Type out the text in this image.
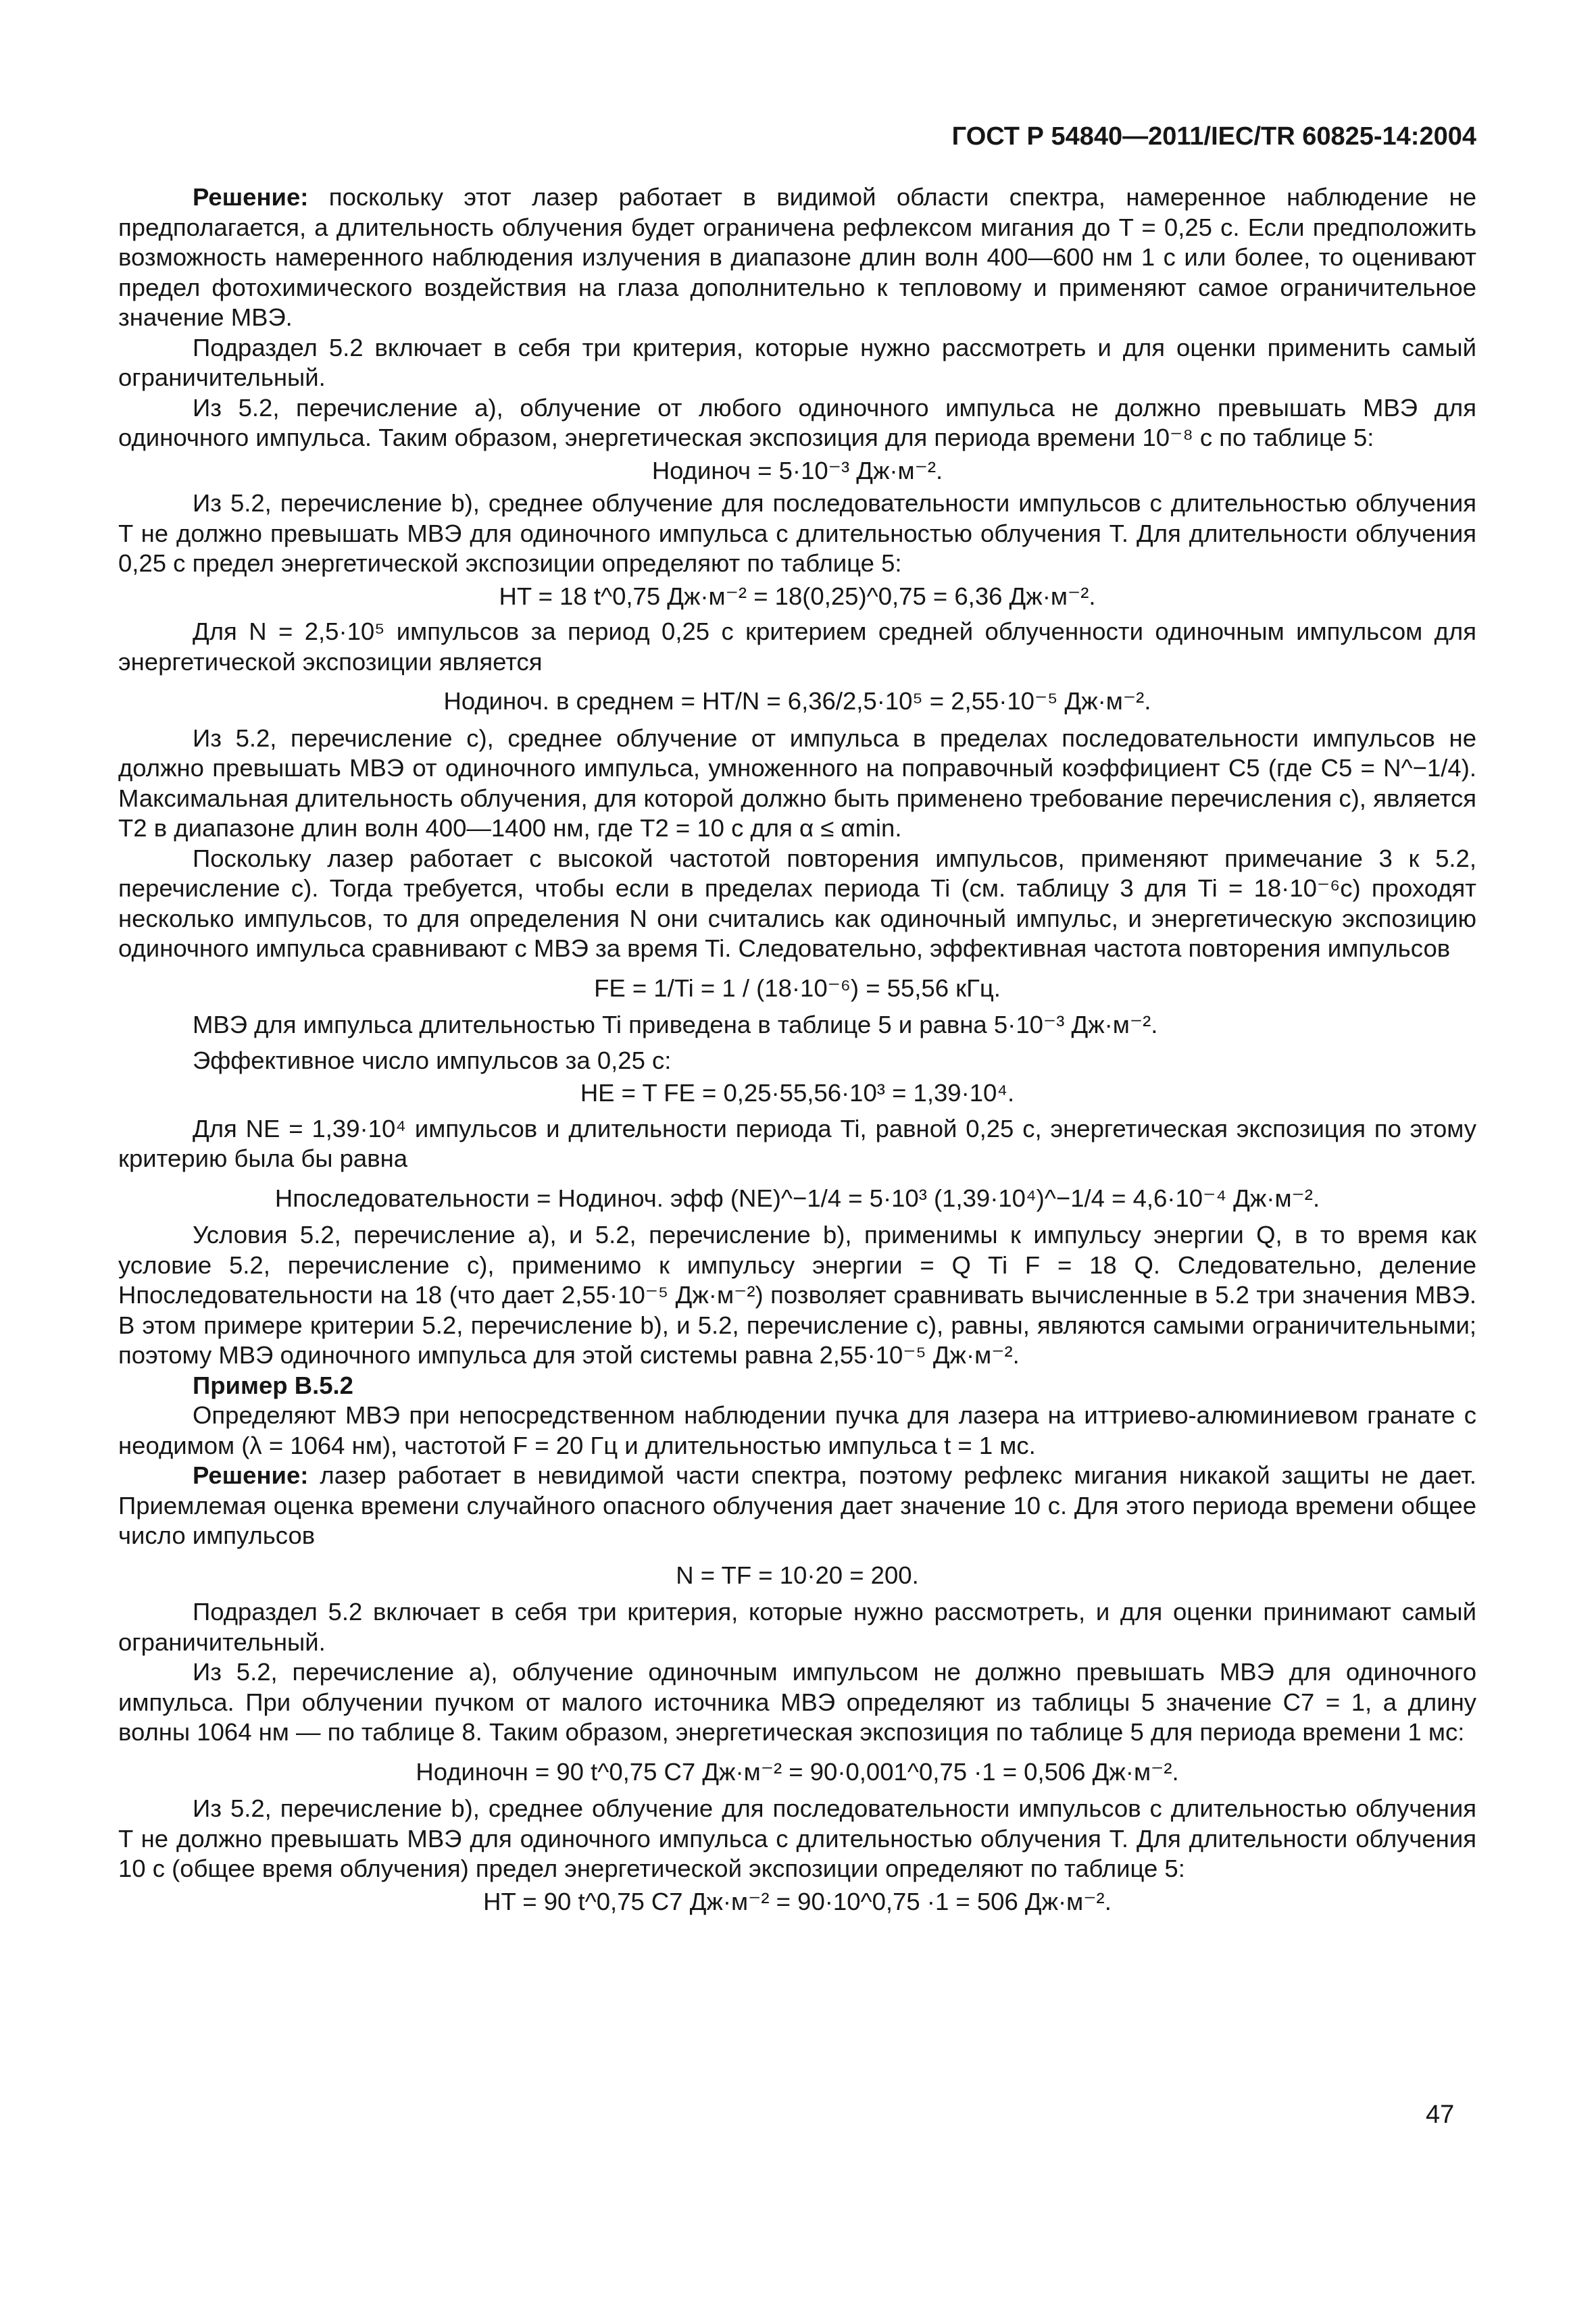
ГОСТ Р 54840—2011/IEC/TR 60825-14:2004

Решение: поскольку этот лазер работает в видимой области спектра, намеренное наблюдение не предполагается, а длительность облучения будет ограничена рефлексом мигания до T = 0,25 с. Если предположить возможность намеренного наблюдения излучения в диапазоне длин волн 400—600 нм 1 с или более, то оценивают предел фотохимического воздействия на глаза дополнительно к тепловому и применяют самое ограничительное значение МВЭ.

Подраздел 5.2 включает в себя три критерия, которые нужно рассмотреть и для оценки применить самый ограничительный.

Из 5.2, перечисление a), облучение от любого одиночного импульса не должно превышать МВЭ для одиночного импульса. Таким образом, энергетическая экспозиция для периода времени 10⁻⁸ с по таблице 5:

Hодиноч = 5·10⁻³ Дж·м⁻².

Из 5.2, перечисление b), среднее облучение для последовательности импульсов с длительностью облучения T не должно превышать МВЭ для одиночного импульса с длительностью облучения T. Для длительности облучения 0,25 с предел энергетической экспозиции определяют по таблице 5:

HT = 18 t^0,75 Дж·м⁻² = 18(0,25)^0,75 = 6,36 Дж·м⁻².

Для N = 2,5·10⁵ импульсов за период 0,25 с критерием средней облученности одиночным импульсом для энергетической экспозиции является

Hодиноч. в среднем = HT/N = 6,36/2,5·10⁵ = 2,55·10⁻⁵ Дж·м⁻².

Из 5.2, перечисление c), среднее облучение от импульса в пределах последовательности импульсов не должно превышать МВЭ от одиночного импульса, умноженного на поправочный коэффициент C5 (где C5 = N^−1/4). Максимальная длительность облучения, для которой должно быть применено требование перечисления c), является T2 в диапазоне длин волн 400—1400 нм, где T2 = 10 с для α ≤ αmin.

Поскольку лазер работает с высокой частотой повторения импульсов, применяют примечание 3 к 5.2, перечисление c). Тогда требуется, чтобы если в пределах периода Ti (см. таблицу 3 для Ti = 18·10⁻⁶с) проходят несколько импульсов, то для определения N они считались как одиночный импульс, и энергетическую экспозицию одиночного импульса сравнивают с МВЭ за время Ti. Следовательно, эффективная частота повторения импульсов

FE = 1/Ti = 1 / (18·10⁻⁶) = 55,56 кГц.

МВЭ для импульса длительностью Ti приведена в таблице 5 и равна 5·10⁻³ Дж·м⁻².

Эффективное число импульсов за 0,25 с:

HE = T FE = 0,25·55,56·10³ = 1,39·10⁴.

Для NE = 1,39·10⁴ импульсов и длительности периода Ti, равной 0,25 с, энергетическая экспозиция по этому критерию была бы равна

Hпоследовательности = Hодиноч. эфф (NE)^−1/4 = 5·10³ (1,39·10⁴)^−1/4 = 4,6·10⁻⁴ Дж·м⁻².

Условия 5.2, перечисление a), и 5.2, перечисление b), применимы к импульсу энергии Q, в то время как условие 5.2, перечисление c), применимо к импульсу энергии = Q Ti F = 18 Q. Следовательно, деление Hпоследовательности на 18 (что дает 2,55·10⁻⁵ Дж·м⁻²) позволяет сравнивать вычисленные в 5.2 три значения МВЭ. В этом примере критерии 5.2, перечисление b), и 5.2, перечисление c), равны, являются самыми ограничительными; поэтому МВЭ одиночного импульса для этой системы равна 2,55·10⁻⁵ Дж·м⁻².

Пример В.5.2

Определяют МВЭ при непосредственном наблюдении пучка для лазера на иттриево-алюминиевом гранате с неодимом (λ = 1064 нм), частотой F = 20 Гц и длительностью импульса t = 1 мс.

Решение: лазер работает в невидимой части спектра, поэтому рефлекс мигания никакой защиты не дает. Приемлемая оценка времени случайного опасного облучения дает значение 10 с. Для этого периода времени общее число импульсов

N = TF = 10·20 = 200.

Подраздел 5.2 включает в себя три критерия, которые нужно рассмотреть, и для оценки принимают самый ограничительный.

Из 5.2, перечисление a), облучение одиночным импульсом не должно превышать МВЭ для одиночного импульса. При облучении пучком от малого источника МВЭ определяют из таблицы 5 значение C7 = 1, а длину волны 1064 нм — по таблице 8. Таким образом, энергетическая экспозиция по таблице 5 для периода времени 1 мс:

Hодиночн = 90 t^0,75 C7 Дж·м⁻² = 90·0,001^0,75 ·1 = 0,506 Дж·м⁻².

Из 5.2, перечисление b), среднее облучение для последовательности импульсов с длительностью облучения T не должно превышать МВЭ для одиночного импульса с длительностью облучения T. Для длительности облучения 10 с (общее время облучения) предел энергетической экспозиции определяют по таблице 5:

HT = 90 t^0,75 C7 Дж·м⁻² = 90·10^0,75 ·1 = 506 Дж·м⁻².

47
